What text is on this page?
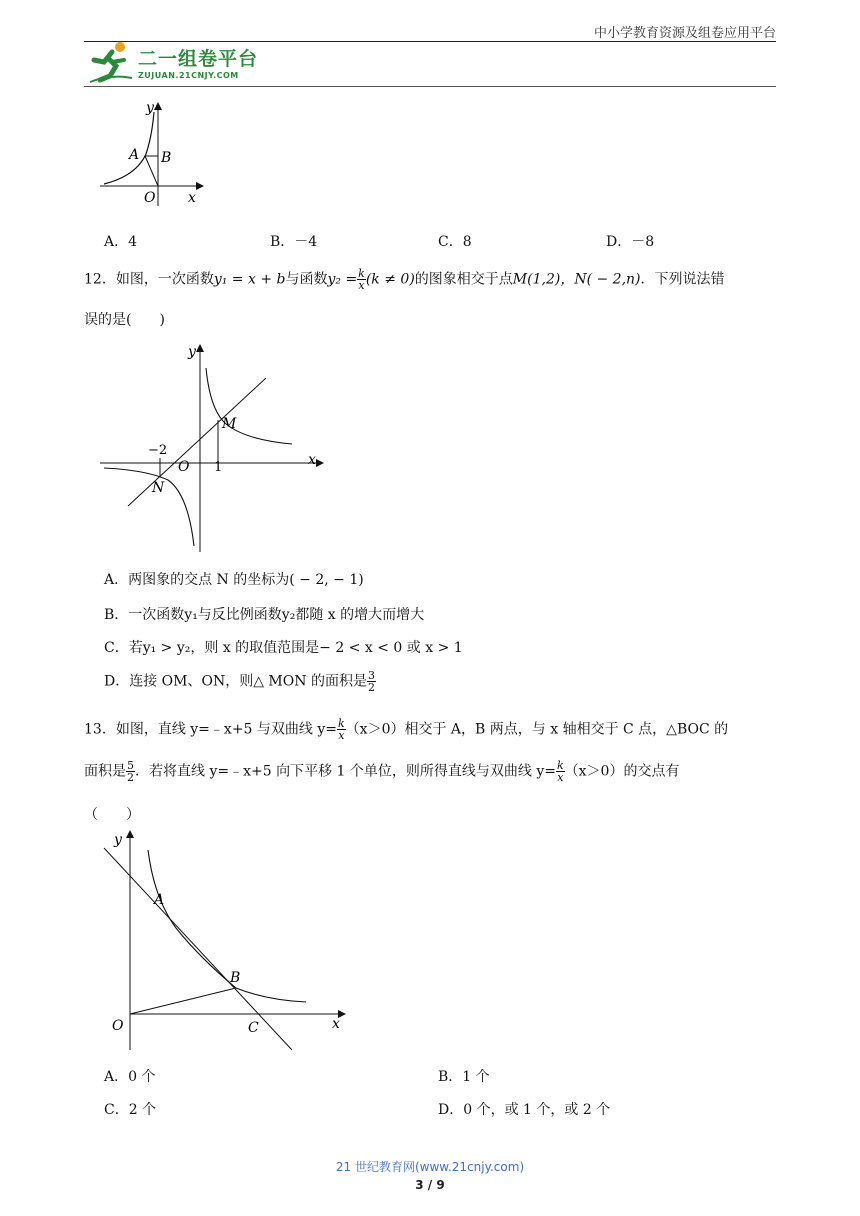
中小学教育资源及组卷应用平台
二一组卷平台
ZUJUAN.21CNJY.COM
y
x
O
A B
A．4	B．－4	C．8	D．－8
12．如图，一次函数y₁ = x + b与函数$y_2 = \frac{k}{x} (k \ne 0)$的图象相交于点M(1,2)，N( − 2,n)．下列说法错
误的是(　　)
y
x
O
M
N
−2
1
A．两图象的交点 N 的坐标为( − 2, − 1)
B．一次函数y₁与反比例函数y₂都随 x 的增大而增大
C．若y₁ > y₂，则 x 的取值范围是− 2 < x < 0 或 x > 1
D．连接 OM、ON，则△ MON 的面积是 $\frac{3}{2}$
13．如图，直线 y=﹣x+5 与双曲线 $y= \frac{k}{x} (x>0)$相交于 A，B 两点，与 x 轴相交于 C 点，△BOC 的
面积是 $\frac{5}{2}$ ．若将直线 y=﹣x+5 向下平移 1 个单位，则所得直线与双曲线 $y= \frac{k}{x} (x>0)$的交点有
（　　）
y
x
O
A
B
C
A．0 个	B．1 个
C．2 个	D．0 个，或 1 个，或 2 个
21 世纪教育网(www.21cnjy.com)
3 / 9
